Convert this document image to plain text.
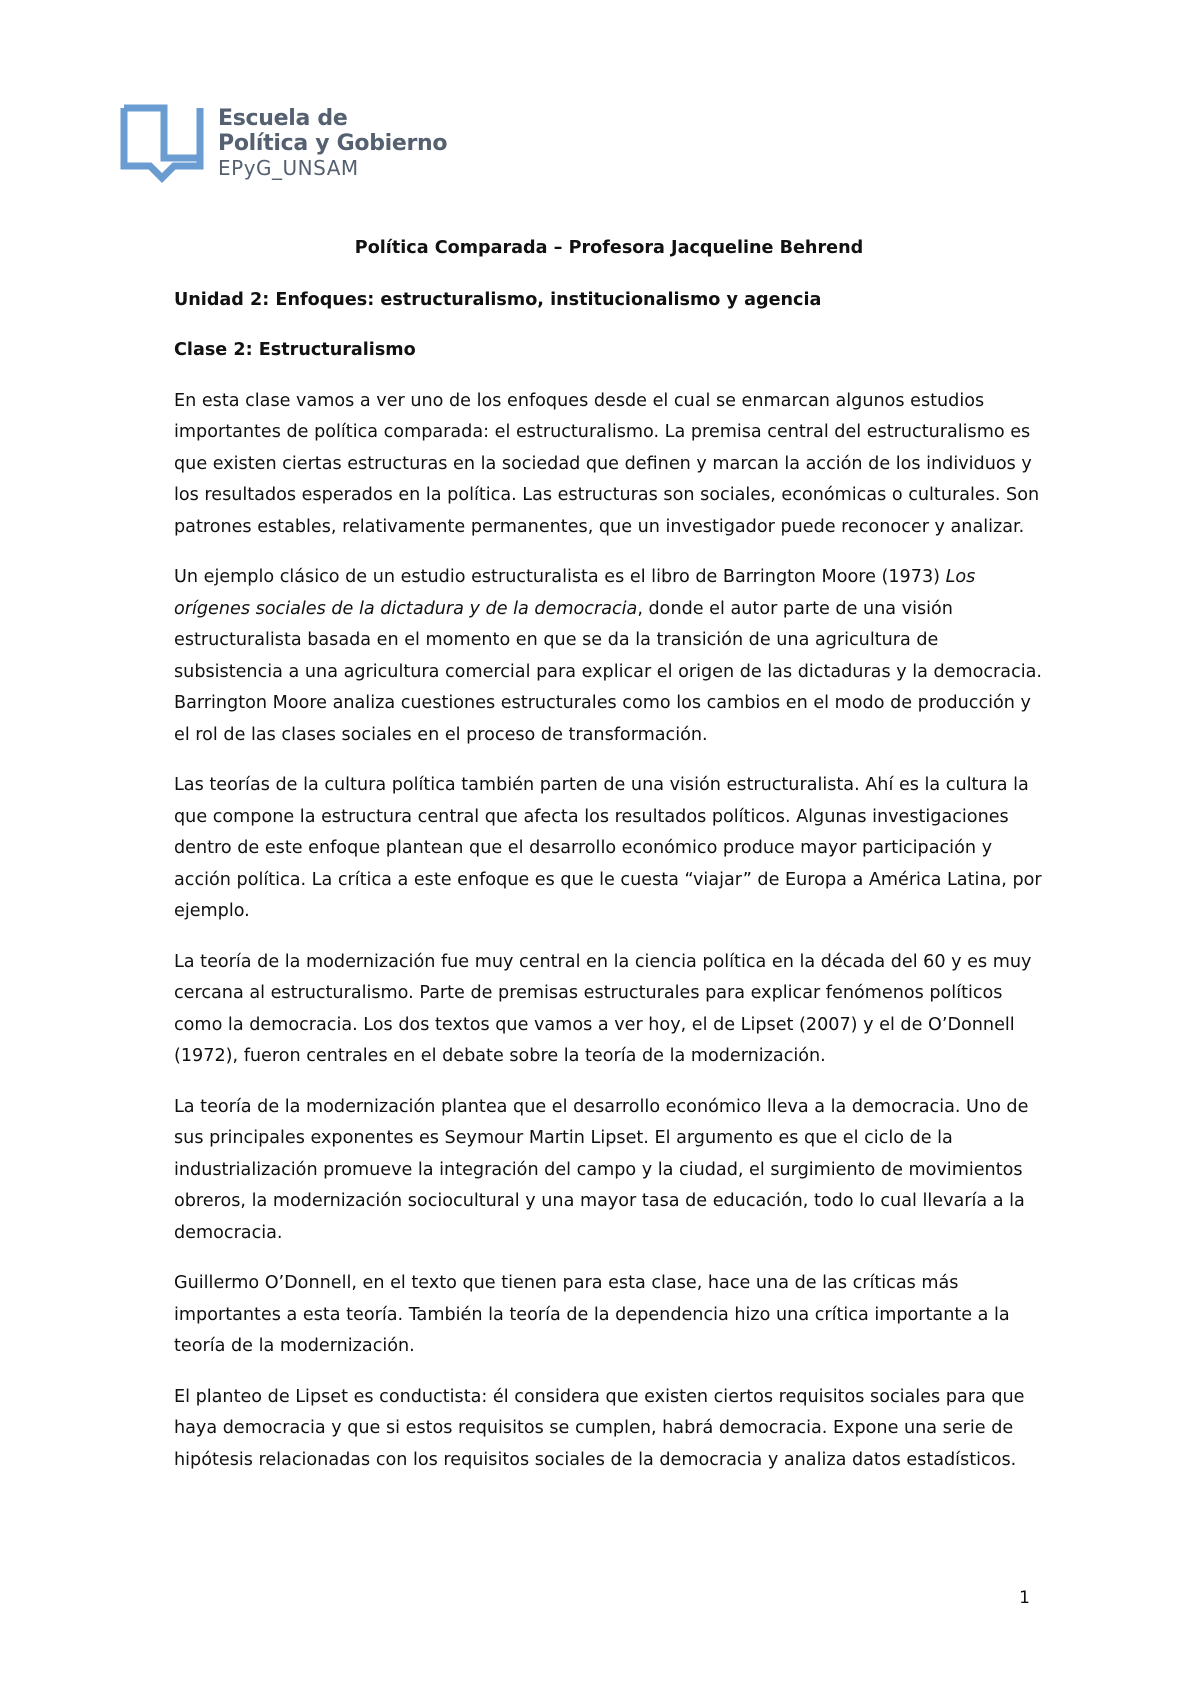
Escuela de
Política y Gobierno
EPyG_UNSAM
Política Comparada – Profesora Jacqueline Behrend
Unidad 2: Enfoques: estructuralismo, institucionalismo y agencia
Clase 2: Estructuralismo

En esta clase vamos a ver uno de los enfoques desde el cual se enmarcan algunos estudios importantes de política comparada: el estructuralismo. La premisa central del estructuralismo es que existen ciertas estructuras en la sociedad que definen y marcan la acción de los individuos y los resultados esperados en la política. Las estructuras son sociales, económicas o culturales. Son patrones estables, relativamente permanentes, que un investigador puede reconocer y analizar.

Un ejemplo clásico de un estudio estructuralista es el libro de Barrington Moore (1973) Los orígenes sociales de la dictadura y de la democracia, donde el autor parte de una visión estructuralista basada en el momento en que se da la transición de una agricultura de subsistencia a una agricultura comercial para explicar el origen de las dictaduras y la democracia. Barrington Moore analiza cuestiones estructurales como los cambios en el modo de producción y el rol de las clases sociales en el proceso de transformación.

Las teorías de la cultura política también parten de una visión estructuralista. Ahí es la cultura la que compone la estructura central que afecta los resultados políticos. Algunas investigaciones dentro de este enfoque plantean que el desarrollo económico produce mayor participación y acción política. La crítica a este enfoque es que le cuesta “viajar” de Europa a América Latina, por ejemplo.

La teoría de la modernización fue muy central en la ciencia política en la década del 60 y es muy cercana al estructuralismo. Parte de premisas estructurales para explicar fenómenos políticos como la democracia. Los dos textos que vamos a ver hoy, el de Lipset (2007) y el de O’Donnell (1972), fueron centrales en el debate sobre la teoría de la modernización.

La teoría de la modernización plantea que el desarrollo económico lleva a la democracia. Uno de sus principales exponentes es Seymour Martin Lipset. El argumento es que el ciclo de la industrialización promueve la integración del campo y la ciudad, el surgimiento de movimientos obreros, la modernización sociocultural y una mayor tasa de educación, todo lo cual llevaría a la democracia.

Guillermo O’Donnell, en el texto que tienen para esta clase, hace una de las críticas más importantes a esta teoría. También la teoría de la dependencia hizo una crítica importante a la teoría de la modernización.

El planteo de Lipset es conductista: él considera que existen ciertos requisitos sociales para que haya democracia y que si estos requisitos se cumplen, habrá democracia. Expone una serie de hipótesis relacionadas con los requisitos sociales de la democracia y analiza datos estadísticos.

1
